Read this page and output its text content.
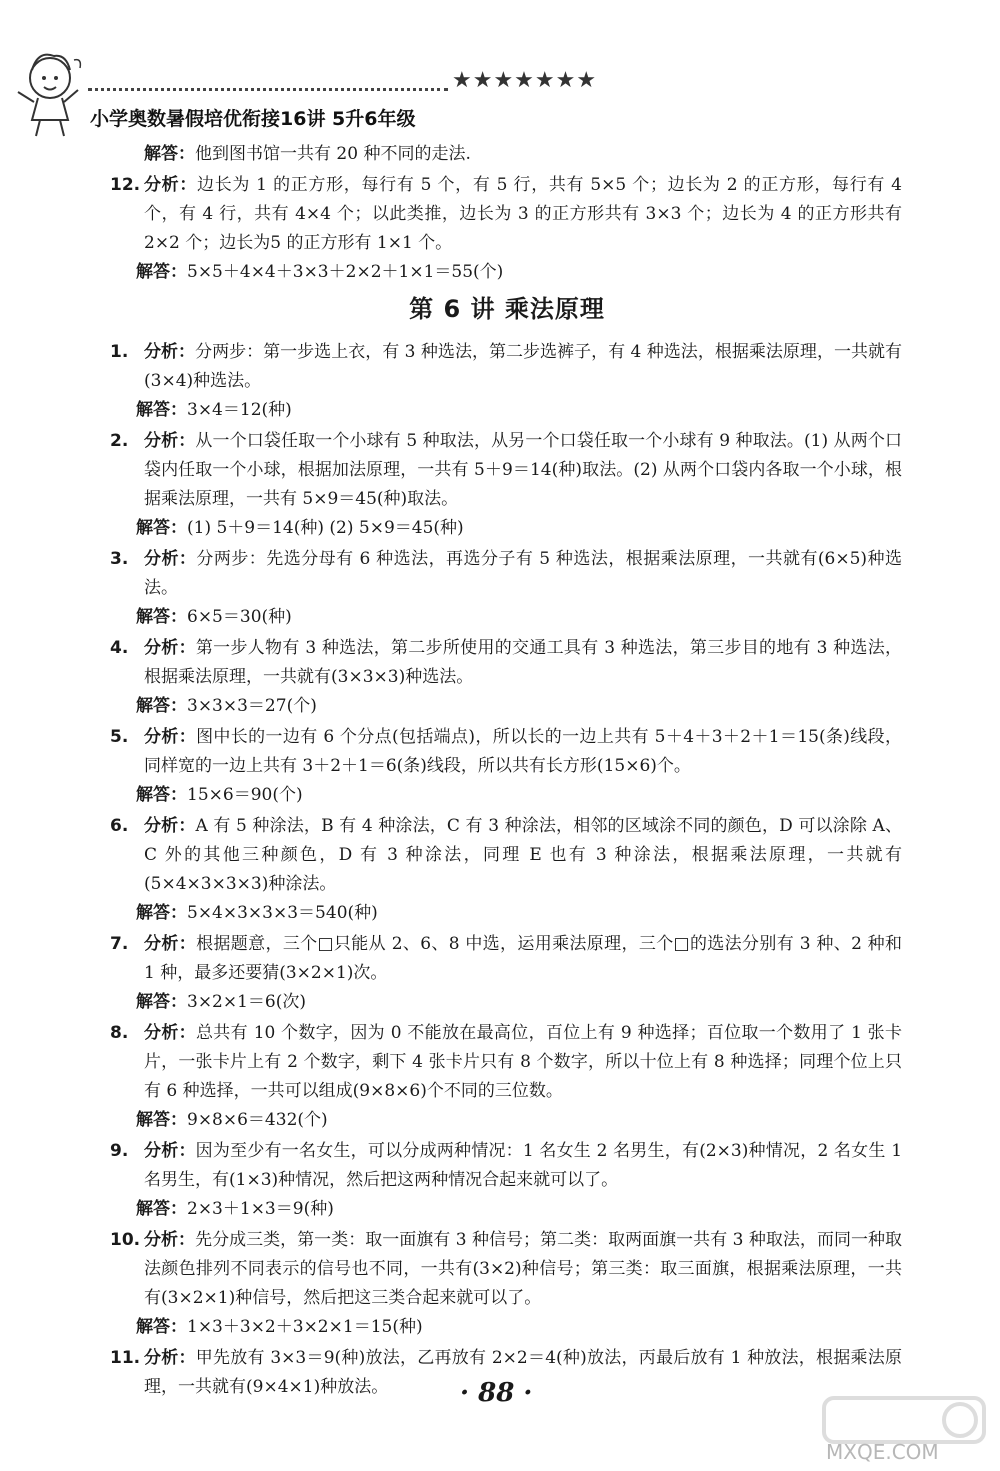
★★★★★★★
小学奥数暑假培优衔接16讲 5升6年级
解答：他到图书馆一共有 20 种不同的走法.
12. 分析：边长为 1 的正方形，每行有 5 个，有 5 行，共有 5×5 个；边长为 2 的正方形，每行有 4 个，有 4 行，共有 4×4 个；以此类推，边长为 3 的正方形共有 3×3 个；边长为 4 的正方形共有 2×2 个；边长为5 的正方形有 1×1 个。
解答：5×5＋4×4＋3×3＋2×2＋1×1＝55(个)
第 6 讲 乘法原理
1. 分析：分两步：第一步选上衣，有 3 种选法，第二步选裤子，有 4 种选法，根据乘法原理，一共就有(3×4)种选法。
解答：3×4＝12(种)
2. 分析：从一个口袋任取一个小球有 5 种取法，从另一个口袋任取一个小球有 9 种取法。(1) 从两个口袋内任取一个小球，根据加法原理，一共有 5＋9＝14(种)取法。(2) 从两个口袋内各取一个小球，根据乘法原理，一共有 5×9＝45(种)取法。
解答：(1) 5＋9＝14(种) (2) 5×9＝45(种)
3. 分析：分两步：先选分母有 6 种选法，再选分子有 5 种选法，根据乘法原理，一共就有(6×5)种选法。
解答：6×5＝30(种)
4. 分析：第一步人物有 3 种选法，第二步所使用的交通工具有 3 种选法，第三步目的地有 3 种选法，根据乘法原理，一共就有(3×3×3)种选法。
解答：3×3×3＝27(个)
5. 分析：图中长的一边有 6 个分点(包括端点)，所以长的一边上共有 5＋4＋3＋2＋1＝15(条)线段，同样宽的一边上共有 3＋2＋1＝6(条)线段，所以共有长方形(15×6)个。
解答：15×6＝90(个)
6. 分析：A 有 5 种涂法，B 有 4 种涂法，C 有 3 种涂法，相邻的区域涂不同的颜色，D 可以涂除 A、C 外的其他三种颜色，D 有 3 种涂法，同理 E 也有 3 种涂法，根据乘法原理，一共就有(5×4×3×3×3)种涂法。
解答：5×4×3×3×3＝540(种)
7. 分析：根据题意，三个□只能从 2、6、8 中选，运用乘法原理，三个□的选法分别有 3 种、2 种和 1 种，最多还要猜(3×2×1)次。
解答：3×2×1＝6(次)
8. 分析：总共有 10 个数字，因为 0 不能放在最高位，百位上有 9 种选择；百位取一个数用了 1 张卡片，一张卡片上有 2 个数字，剩下 4 张卡片只有 8 个数字，所以十位上有 8 种选择；同理个位上只有 6 种选择，一共可以组成(9×8×6)个不同的三位数。
解答：9×8×6＝432(个)
9. 分析：因为至少有一名女生，可以分成两种情况：1 名女生 2 名男生，有(2×3)种情况，2 名女生 1 名男生，有(1×3)种情况，然后把这两种情况合起来就可以了。
解答：2×3＋1×3＝9(种)
10. 分析：先分成三类，第一类：取一面旗有 3 种信号；第二类：取两面旗一共有 3 种取法，而同一种取法颜色排列不同表示的信号也不同，一共有(3×2)种信号；第三类：取三面旗，根据乘法原理，一共有(3×2×1)种信号，然后把这三类合起来就可以了。
解答：1×3＋3×2＋3×2×1＝15(种)
11. 分析：甲先放有 3×3＝9(种)放法，乙再放有 2×2＝4(种)放法，丙最后放有 1 种放法，根据乘法原理，一共就有(9×4×1)种放法。	· 88 ·
MXQE.COM
